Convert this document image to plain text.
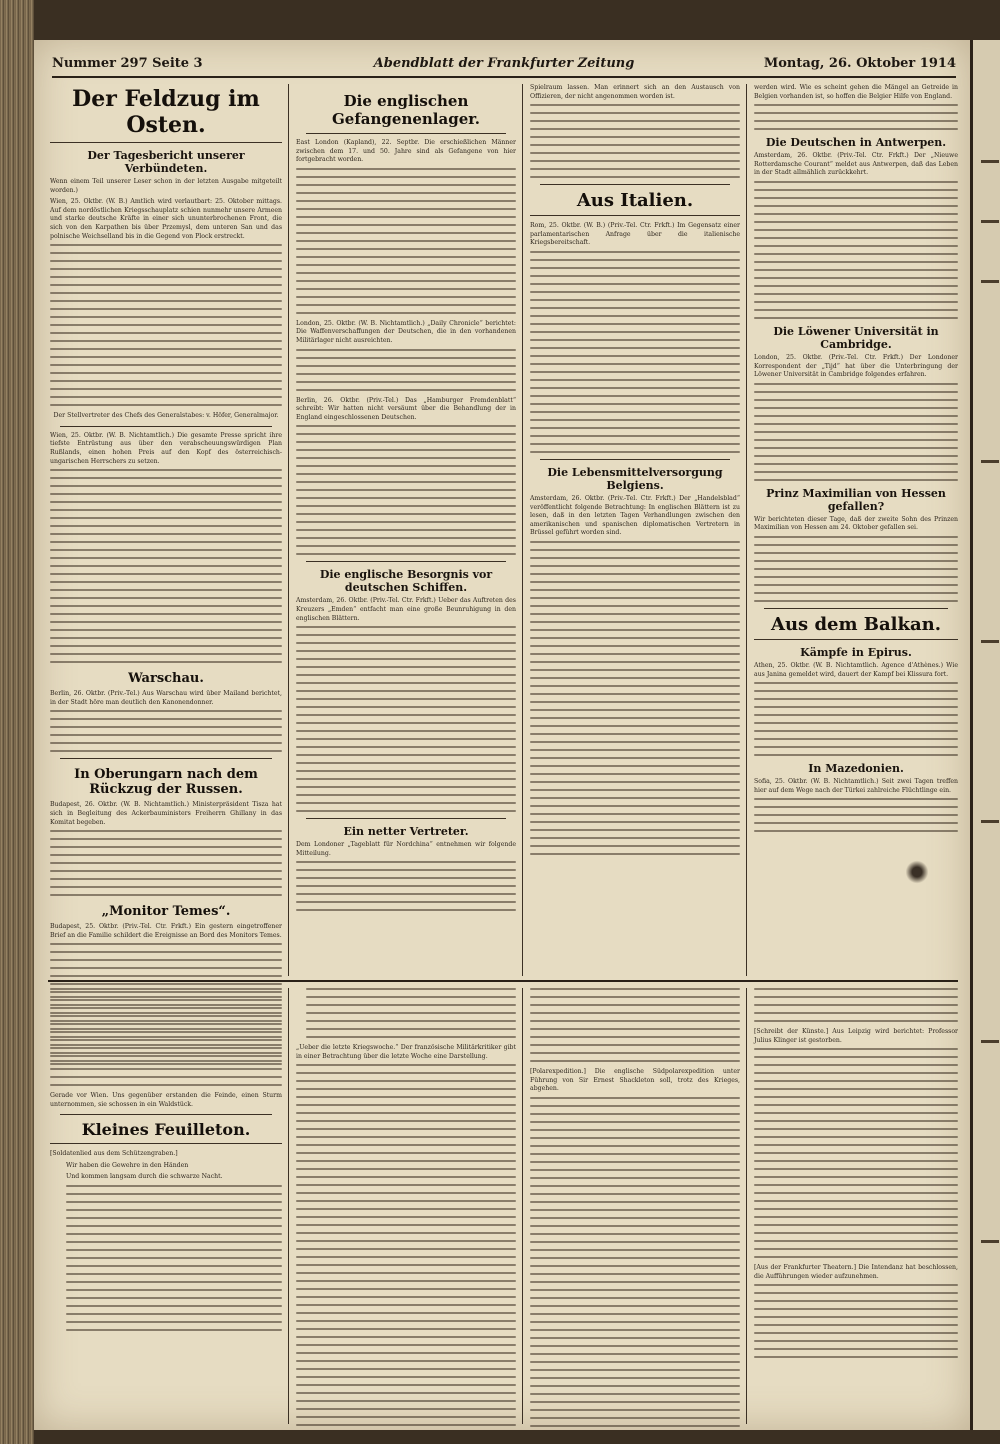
Nummer 297 Seite 3	Abendblatt der Frankfurter Zeitung	Montag, 26. Oktober 1914
Der Feldzug im Osten.
Der Tagesbericht unserer Verbündeten.

Wenn einem Teil unserer Leser schon in der letzten Ausgabe mitgeteilt worden.)

Wien, 25. Oktbr. (W. B.) Amtlich wird verlautbart: 25. Oktober mittags. Auf dem nordöstlichen Kriegsschauplatz schien nunmehr unsere Armeen und starke deutsche Kräfte in einer sich ununterbrochenen Front, die sich von den Karpathen bis über Przemysl, dem unteren San und das polnische Weichselland bis in die Gegend von Plock erstreckt.

Der Stellvertreter des Chefs des Generalstabes: v. Höfer, Generalmajor.

Wien, 25. Oktbr. (W. B. Nichtamtlich.) Die gesamte Presse spricht ihre tiefste Entrüstung aus über den verabscheuungswürdigen Plan Rußlands, einen hohen Preis auf den Kopf des österreichisch-ungarischen Herrschers zu setzen.

Warschau.

Berlin, 26. Oktbr. (Priv.-Tel.) Aus Warschau wird über Mailand berichtet, in der Stadt höre man deutlich den Kanonendonner.

In Oberungarn nach dem Rückzug der Russen.

Budapest, 26. Oktbr. (W. B. Nichtamtlich.) Ministerpräsident Tisza hat sich in Begleitung des Ackerbauministers Freiherrn Ghillany in das Komitat begeben.

„Monitor Temes“.

Budapest, 25. Oktbr. (Priv.-Tel. Ctr. Frkft.) Ein gestern eingetroffener Brief an die Familie schildert die Ereignisse an Bord des Monitors Temes.

Die englischen Gefangenenlager.

East London (Kapland), 22. Septbr. Die erschießlichen Männer zwischen dem 17. und 50. Jahre sind als Gefangene von hier fortgebracht worden.

London, 25. Oktbr. (W. B. Nichtamtlich.) „Daily Chronicle“ berichtet: Die Waffenverschaffungen der Deutschen, die in den vorhandenen Militärlager nicht ausreichten.

Berlin, 26. Oktbr. (Priv.-Tel.) Das „Hamburger Fremdenblatt“ schreibt: Wir hatten nicht versäumt über die Behandlung der in England eingeschlossenen Deutschen.

Die englische Besorgnis vor deutschen Schiffen.

Amsterdam, 26. Oktbr. (Priv.-Tel. Ctr. Frkft.) Ueber das Auftreten des Kreuzers „Emden“ entfacht man eine große Beunruhigung in den englischen Blättern.

Ein netter Vertreter.

Dem Londoner „Tageblatt für Nordchina“ entnehmen wir folgende Mitteilung.

Spielraum lassen. Man erinnert sich an den Austausch von Offizieren, der nicht angenommen worden ist.

Aus Italien.

Rom, 25. Oktbr. (W. B.) (Priv.-Tel. Ctr. Frkft.) Im Gegensatz einer parlamentarischen Anfrage über die italienische Kriegsbereitschaft.

Die Lebensmittelversorgung Belgiens.

Amsterdam, 26. Oktbr. (Priv.-Tel. Ctr. Frkft.) Der „Handelsblad“ veröffentlicht folgende Betrachtung: In englischen Blättern ist zu lesen, daß in den letzten Tagen Verhandlungen zwischen den amerikanischen und spanischen diplomatischen Vertretern in Brüssel geführt worden sind.

werden wird. Wie es scheint gehen die Mängel an Getreide in Belgien vorhanden ist, so hoffen die Belgier Hilfe von England.

Die Deutschen in Antwerpen.

Amsterdam, 26. Oktbr. (Priv.-Tel. Ctr. Frkft.) Der „Nieuwe Rotterdamsche Courant“ meldet aus Antwerpen, daß das Leben in der Stadt allmählich zurückkehrt.

Die Löwener Universität in Cambridge.

London, 25. Oktbr. (Priv.-Tel. Ctr. Frkft.) Der Londoner Korrespondent der „Tijd“ hat über die Unterbringung der Löwener Universität in Cambridge folgendes erfahren.

Prinz Maximilian von Hessen gefallen?

Wir berichteten dieser Tage, daß der zweite Sohn des Prinzen Maximilian von Hessen am 24. Oktober gefallen sei.

Aus dem Balkan.
Kämpfe in Epirus.

Athen, 25. Oktbr. (W. B. Nichtamtlich. Agence d'Athènes.) Wie aus Janina gemeldet wird, dauert der Kampf bei Klissura fort.

In Mazedonien.

Sofia, 25. Oktbr. (W. B. Nichtamtlich.) Seit zwei Tagen treffen hier auf dem Wege nach der Türkei zahlreiche Flüchtlinge ein.

Gerade vor Wien. Uns gegenüber erstanden die Feinde, einen Sturm unternommen, sie schossen in ein Waldstück.

Kleines Feuilleton.

[Soldatenlied aus dem Schützengraben.]

Wir haben die Gewehre in den Händen

Und kommen langsam durch die schwarze Nacht.

„Ueber die letzte Kriegswoche.“ Der französische Militärkritiker gibt in einer Betrachtung über die letzte Woche eine Darstellung.

[Polarexpedition.] Die englische Südpolarexpedition unter Führung von Sir Ernest Shackleton soll, trotz des Krieges, abgehen.

[Schreibt der Künste.] Aus Leipzig wird berichtet: Professor Julius Klinger ist gestorben.

[Aus der Frankfurter Theatern.] Die Intendanz hat beschlossen, die Aufführungen wieder aufzunehmen.
